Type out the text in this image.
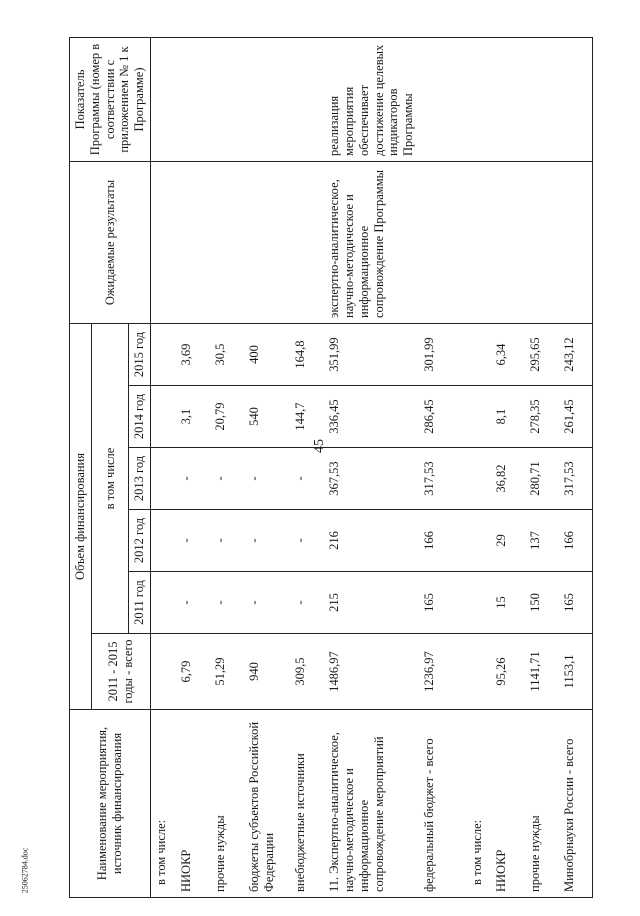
45
25062784.doc	Наименование мероприятия, источник финансирования	Объем финансирования						Ожидаемые результаты	Показатель Программы (номер в соответствии с приложением № 1 к Программе)
	2011 - 2015 годы - всего	в том числе						
		2011 год	2012 год	2013 год	2014 год	2015 год		
в том числе:								
НИОКР	6,79	-	-	-	3,1	3,69		
прочие нужды	51,29	-	-	-	20,79	30,5		
бюджеты субъектов Российской Федерации	940	-	-	-	540	400		
внебюджетные источники	309,5	-	-	-	144,7	164,8		
11. Экспертно-аналитическое, научно-методическое и информационное сопровождение мероприятий	1486,97	215	216	367,53	336,45	351,99	экспертно-аналитическое, научно-методическое и информационное сопровождение Программы	реализация мероприятия обеспечивает достижение целевых индикаторов Программы
федеральный бюджет - всего	1236,97	165	166	317,53	286,45	301,99		
в том числе:								
НИОКР	95,26	15	29	36,82	8,1	6,34		
прочие нужды	1141,71	150	137	280,71	278,35	295,65		
Минобрнауки России - всего	1153,1	165	166	317,53	261,45	243,12		
